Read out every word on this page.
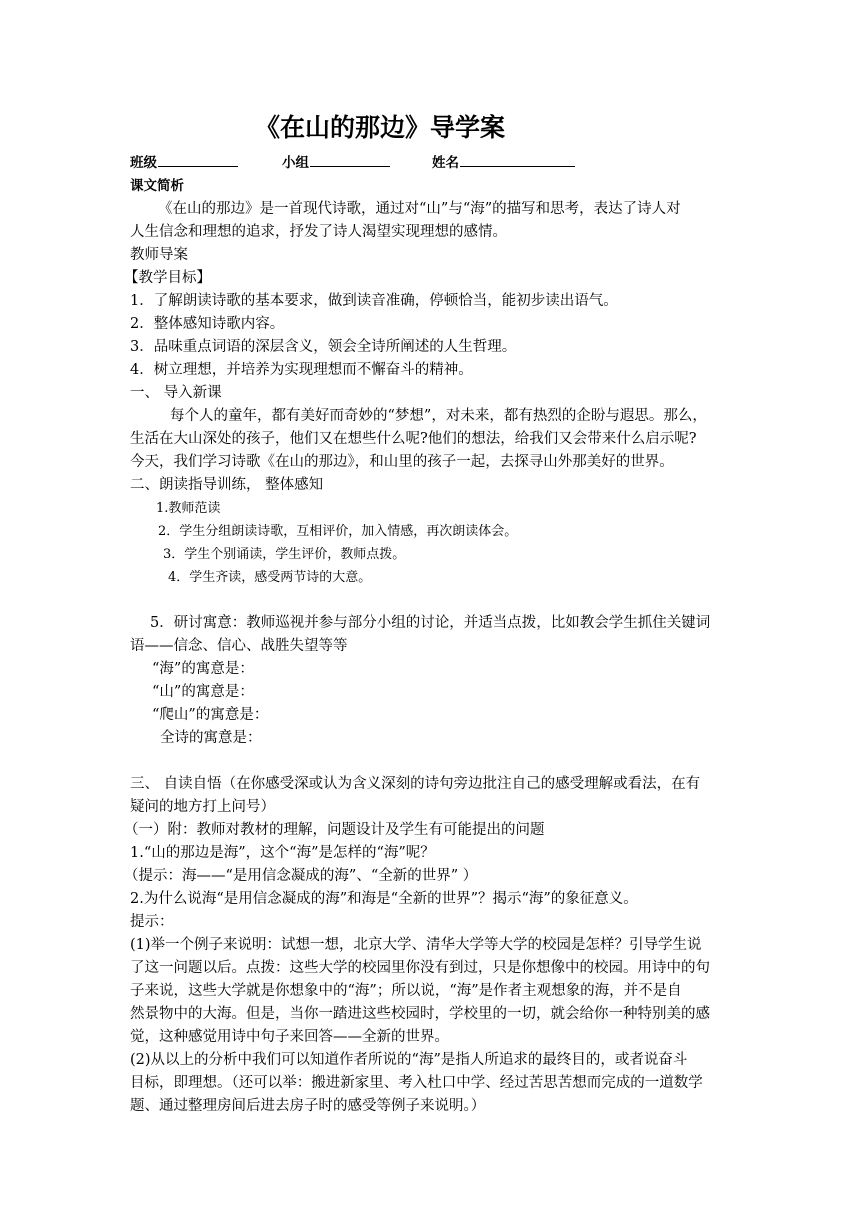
《在山的那边》导学案
班级	小组	姓名
课文简析
《在山的那边》是一首现代诗歌，通过对“山”与“海”的描写和思考，表达了诗人对
人生信念和理想的追求，抒发了诗人渴望实现理想的感情。
教师导案
【教学目标】
1．了解朗读诗歌的基本要求，做到读音准确，停顿恰当，能初步读出语气。
2．整体感知诗歌内容。
3．品味重点词语的深层含义，领会全诗所阐述的人生哲理。
4．树立理想，并培养为实现理想而不懈奋斗的精神。
一、 导入新课
每个人的童年，都有美好而奇妙的“梦想”，对未来，都有热烈的企盼与遐思。那么，
生活在大山深处的孩子，他们又在想些什么呢?他们的想法，给我们又会带来什么启示呢?
今天，我们学习诗歌《在山的那边》，和山里的孩子一起，去探寻山外那美好的世界。
二、朗读指导训练， 整体感知
1.教师范读
2．学生分组朗读诗歌，互相评价，加入情感，再次朗读体会。
3．学生个别诵读，学生评价，教师点拨。
4．学生齐读，感受两节诗的大意。
5．研讨寓意：教师巡视并参与部分小组的讨论，并适当点拨，比如教会学生抓住关键词
语——信念、信心、战胜失望等等
“海”的寓意是：
“山”的寓意是：
“爬山”的寓意是：
全诗的寓意是：
三、 自读自悟（在你感受深或认为含义深刻的诗句旁边批注自己的感受理解或看法，在有
疑问的地方打上问号）
（一）附：教师对教材的理解，问题设计及学生有可能提出的问题
1.“山的那边是海”，这个“海”是怎样的“海”呢？
（提示：海——“是用信念凝成的海”、“全新的世界” ）
2.为什么说海“是用信念凝成的海”和海是“全新的世界”？揭示“海”的象征意义。
提示：
(1)举一个例子来说明：试想一想，北京大学、清华大学等大学的校园是怎样？引导学生说
了这一问题以后。点拨：这些大学的校园里你没有到过，只是你想像中的校园。用诗中的句
子来说，这些大学就是你想象中的“海”；所以说，“海”是作者主观想象的海，并不是自
然景物中的大海。但是，当你一踏进这些校园时，学校里的一切，就会给你一种特别美的感
觉，这种感觉用诗中句子来回答——全新的世界。
(2)从以上的分析中我们可以知道作者所说的“海”是指人所追求的最终目的，或者说奋斗
目标，即理想。（还可以举：搬进新家里、考入杜口中学、经过苦思苦想而完成的一道数学
题、通过整理房间后进去房子时的感受等例子来说明。）
